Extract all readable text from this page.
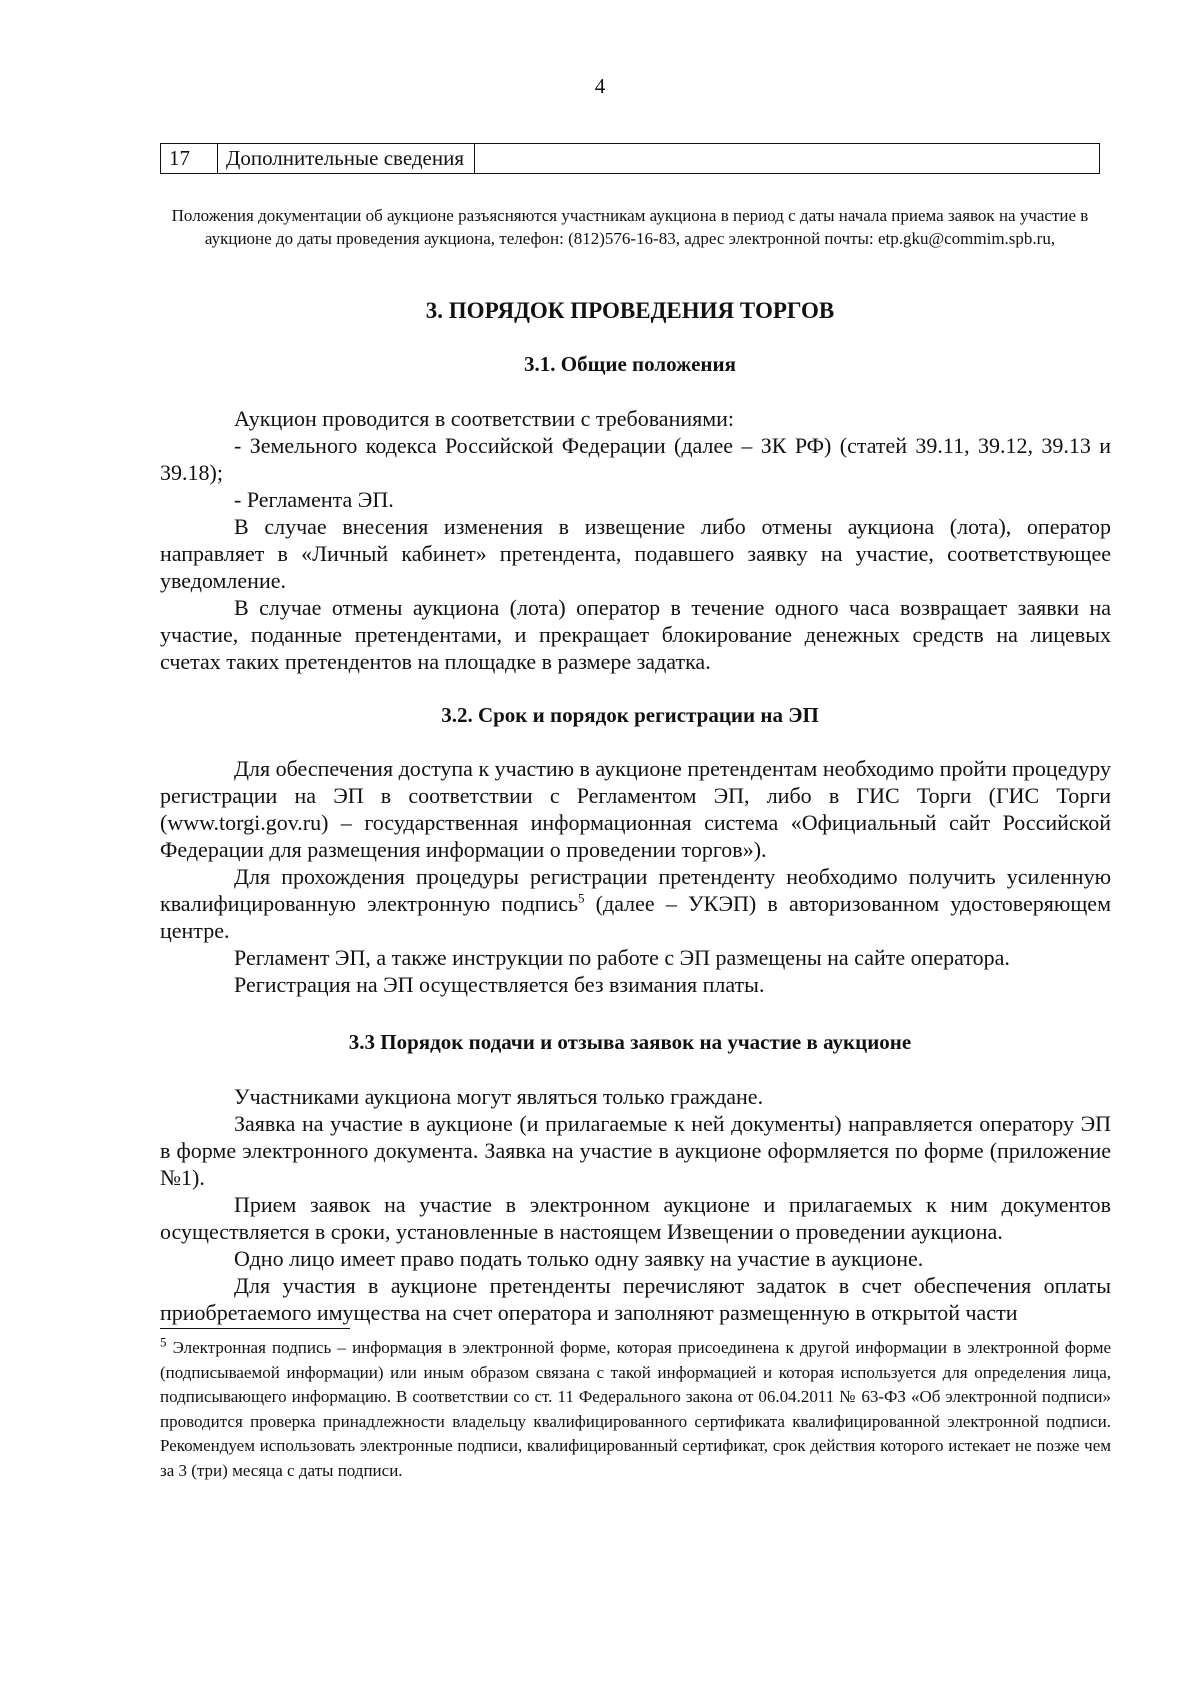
4
17	Дополнительные сведения	
Положения документации об аукционе разъясняются участникам аукциона в период с даты начала приема заявок на участие в аукционе до даты проведения аукциона, телефон: (812)576-16-83, адрес электронной почты: etp.gku@commim.spb.ru,
3. ПОРЯДОК ПРОВЕДЕНИЯ ТОРГОВ
3.1. Общие положения

Аукцион проводится в соответствии с требованиями:

- Земельного кодекса Российской Федерации (далее – ЗК РФ) (статей 39.11, 39.12, 39.13 и 39.18);

- Регламента ЭП.

В случае внесения изменения в извещение либо отмены аукциона (лота), оператор направляет в «Личный кабинет» претендента, подавшего заявку на участие, соответствующее уведомление.

В случае отмены аукциона (лота) оператор в течение одного часа возвращает заявки на участие, поданные претендентами, и прекращает блокирование денежных средств на лицевых счетах таких претендентов на площадке в размере задатка.

3.2. Срок и порядок регистрации на ЭП

Для обеспечения доступа к участию в аукционе претендентам необходимо пройти процедуру регистрации на ЭП в соответствии с Регламентом ЭП, либо в ГИС Торги (ГИС Торги (www.torgi.gov.ru) – государственная информационная система «Официальный сайт Российской Федерации для размещения информации о проведении торгов»).

Для прохождения процедуры регистрации претенденту необходимо получить усиленную квалифицированную электронную подпись$^5$ (далее – УКЭП) в авторизованном удостоверяющем центре.

Регламент ЭП, а также инструкции по работе с ЭП размещены на сайте оператора.

Регистрация на ЭП осуществляется без взимания платы.

3.3 Порядок подачи и отзыва заявок на участие в аукционе

Участниками аукциона могут являться только граждане.

Заявка на участие в аукционе (и прилагаемые к ней документы) направляется оператору ЭП в форме электронного документа. Заявка на участие в аукционе оформляется по форме (приложение №1).

Прием заявок на участие в электронном аукционе и прилагаемых к ним документов осуществляется в сроки, установленные в настоящем Извещении о проведении аукциона.

Одно лицо имеет право подать только одну заявку на участие в аукционе.

Для участия в аукционе претенденты перечисляют задаток в счет обеспечения оплаты приобретаемого имущества на счет оператора и заполняют размещенную в открытой части

$^5$ Электронная подпись – информация в электронной форме, которая присоединена к другой информации в электронной форме (подписываемой информации) или иным образом связана с такой информацией и которая используется для определения лица, подписывающего информацию. В соответствии со ст. 11 Федерального закона от 06.04.2011 № 63-ФЗ «Об электронной подписи» проводится проверка принадлежности владельцу квалифицированного сертификата квалифицированной электронной подписи. Рекомендуем использовать электронные подписи, квалифицированный сертификат, срок действия которого истекает не позже чем за 3 (три) месяца с даты подписи.
